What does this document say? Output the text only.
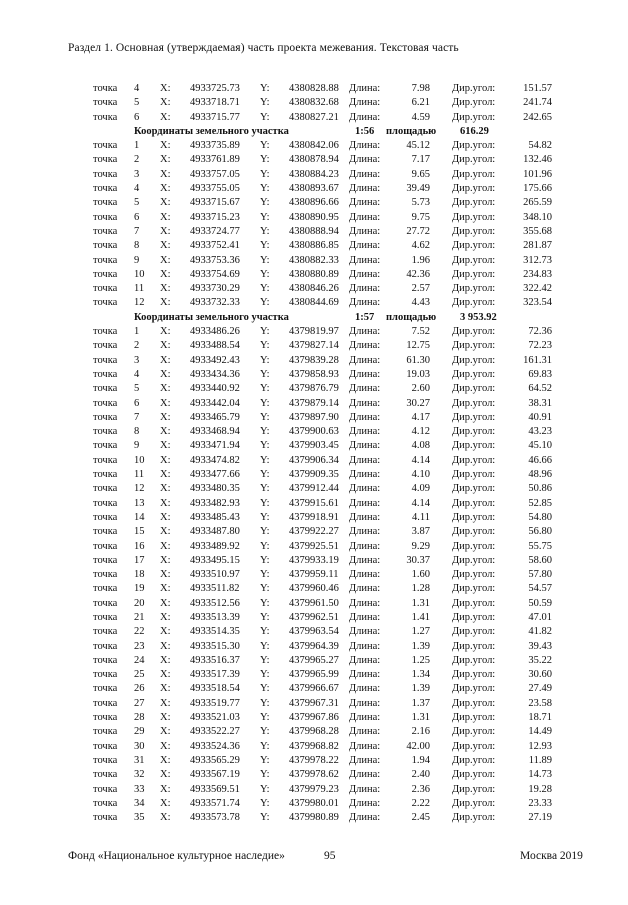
Раздел 1. Основная (утверждаемая) часть проекта межевания. Текстовая часть
точка 4 X: 4933725.73 Y: 4380828.88 Длина:	7.98 Дир.угол:	151.57
точка 5 X: 4933718.71 Y: 4380832.68 Длина:	6.21 Дир.угол:	241.74
точка 6 X: 4933715.77 Y: 4380827.21 Длина:	4.59 Дир.угол:	242.65
Координаты земельного участка	1:56 площадью 616.29
точка 1 X: 4933735.89 Y: 4380842.06 Длина:	45.12 Дир.угол:	54.82
точка 2 X: 4933761.89 Y: 4380878.94 Длина:	7.17 Дир.угол:	132.46
точка 3 X: 4933757.05 Y: 4380884.23 Длина:	9.65 Дир.угол:	101.96
точка 4 X: 4933755.05 Y: 4380893.67 Длина:	39.49 Дир.угол:	175.66
точка 5 X: 4933715.67 Y: 4380896.66 Длина:	5.73 Дир.угол:	265.59
точка 6 X: 4933715.23 Y: 4380890.95 Длина:	9.75 Дир.угол:	348.10
точка 7 X: 4933724.77 Y: 4380888.94 Длина:	27.72 Дир.угол:	355.68
точка 8 X: 4933752.41 Y: 4380886.85 Длина:	4.62 Дир.угол:	281.87
точка 9 X: 4933753.36 Y: 4380882.33 Длина:	1.96 Дир.угол:	312.73
точка 10 X: 4933754.69 Y: 4380880.89 Длина:	42.36 Дир.угол:	234.83
точка 11 X: 4933730.29 Y: 4380846.26 Длина:	2.57 Дир.угол:	322.42
точка 12 X: 4933732.33 Y: 4380844.69 Длина:	4.43 Дир.угол:	323.54
Координаты земельного участка	1:57 площадью 3 953.92
точка 1 X: 4933486.26 Y: 4379819.97 Длина:	7.52 Дир.угол:	72.36
точка 2 X: 4933488.54 Y: 4379827.14 Длина:	12.75 Дир.угол:	72.23
точка 3 X: 4933492.43 Y: 4379839.28 Длина:	61.30 Дир.угол:	161.31
точка 4 X: 4933434.36 Y: 4379858.93 Длина:	19.03 Дир.угол:	69.83
точка 5 X: 4933440.92 Y: 4379876.79 Длина:	2.60 Дир.угол:	64.52
точка 6 X: 4933442.04 Y: 4379879.14 Длина:	30.27 Дир.угол:	38.31
точка 7 X: 4933465.79 Y: 4379897.90 Длина:	4.17 Дир.угол:	40.91
точка 8 X: 4933468.94 Y: 4379900.63 Длина:	4.12 Дир.угол:	43.23
точка 9 X: 4933471.94 Y: 4379903.45 Длина:	4.08 Дир.угол:	45.10
точка 10 X: 4933474.82 Y: 4379906.34 Длина:	4.14 Дир.угол:	46.66
точка 11 X: 4933477.66 Y: 4379909.35 Длина:	4.10 Дир.угол:	48.96
точка 12 X: 4933480.35 Y: 4379912.44 Длина:	4.09 Дир.угол:	50.86
точка 13 X: 4933482.93 Y: 4379915.61 Длина:	4.14 Дир.угол:	52.85
точка 14 X: 4933485.43 Y: 4379918.91 Длина:	4.11 Дир.угол:	54.80
точка 15 X: 4933487.80 Y: 4379922.27 Длина:	3.87 Дир.угол:	56.80
точка 16 X: 4933489.92 Y: 4379925.51 Длина:	9.29 Дир.угол:	55.75
точка 17 X: 4933495.15 Y: 4379933.19 Длина:	30.37 Дир.угол:	58.60
точка 18 X: 4933510.97 Y: 4379959.11 Длина:	1.60 Дир.угол:	57.80
точка 19 X: 4933511.82 Y: 4379960.46 Длина:	1.28 Дир.угол:	54.57
точка 20 X: 4933512.56 Y: 4379961.50 Длина:	1.31 Дир.угол:	50.59
точка 21 X: 4933513.39 Y: 4379962.51 Длина:	1.41 Дир.угол:	47.01
точка 22 X: 4933514.35 Y: 4379963.54 Длина:	1.27 Дир.угол:	41.82
точка 23 X: 4933515.30 Y: 4379964.39 Длина:	1.39 Дир.угол:	39.43
точка 24 X: 4933516.37 Y: 4379965.27 Длина:	1.25 Дир.угол:	35.22
точка 25 X: 4933517.39 Y: 4379965.99 Длина:	1.34 Дир.угол:	30.60
точка 26 X: 4933518.54 Y: 4379966.67 Длина:	1.39 Дир.угол:	27.49
точка 27 X: 4933519.77 Y: 4379967.31 Длина:	1.37 Дир.угол:	23.58
точка 28 X: 4933521.03 Y: 4379967.86 Длина:	1.31 Дир.угол:	18.71
точка 29 X: 4933522.27 Y: 4379968.28 Длина:	2.16 Дир.угол:	14.49
точка 30 X: 4933524.36 Y: 4379968.82 Длина:	42.00 Дир.угол:	12.93
точка 31 X: 4933565.29 Y: 4379978.22 Длина:	1.94 Дир.угол:	11.89
точка 32 X: 4933567.19 Y: 4379978.62 Длина:	2.40 Дир.угол:	14.73
точка 33 X: 4933569.51 Y: 4379979.23 Длина:	2.36 Дир.угол:	19.28
точка 34 X: 4933571.74 Y: 4379980.01 Длина:	2.22 Дир.угол:	23.33
точка 35 X: 4933573.78 Y: 4379980.89 Длина:	2.45 Дир.угол:	27.19
Фонд «Национальное культурное наследие»	95	Москва 2019
